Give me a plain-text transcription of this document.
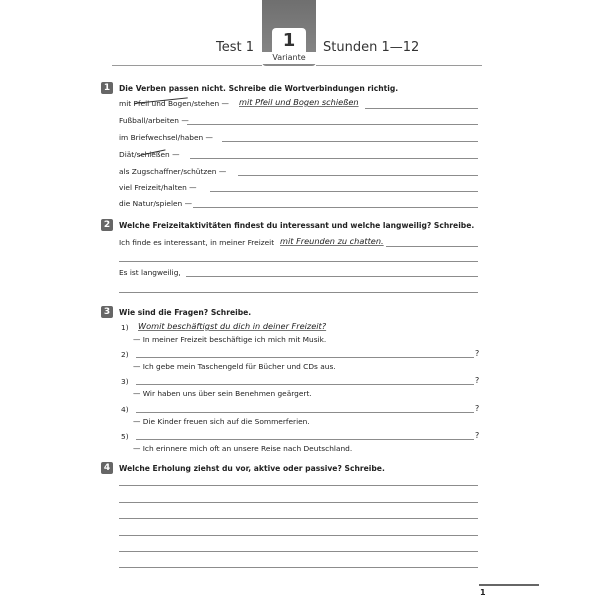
Test 1	1
Variante
Stunden 1—12
1	Die Verben passen nicht. Schreibe die Wortverbindungen richtig.
mit Pfeil und Bogen/stehen — mit Pfeil und Bogen schießen
Fußball/arbeiten —
im Briefwechsel/haben —
Diät/schießen —
als Zugschaffner/schützen —
viel Freizeit/halten —
die Natur/spielen —
2	Welche Freizeitaktivitäten findest du interessant und welche langweilig? Schreibe.
Ich finde es interessant, in meiner Freizeit mit Freunden zu chatten.
Es ist langweilig,
3	Wie sind die Fragen? Schreibe.
1) Womit beschäftigst du dich in deiner Freizeit?
— In meiner Freizeit beschäftige ich mich mit Musik.
2)	?
— Ich gebe mein Taschengeld für Bücher und CDs aus.
3)	?
— Wir haben uns über sein Benehmen geärgert.
4)	?
— Die Kinder freuen sich auf die Sommerferien.
5)	?
— Ich erinnere mich oft an unsere Reise nach Deutschland.
4	Welche Erholung ziehst du vor, aktive oder passive? Schreibe.
1
